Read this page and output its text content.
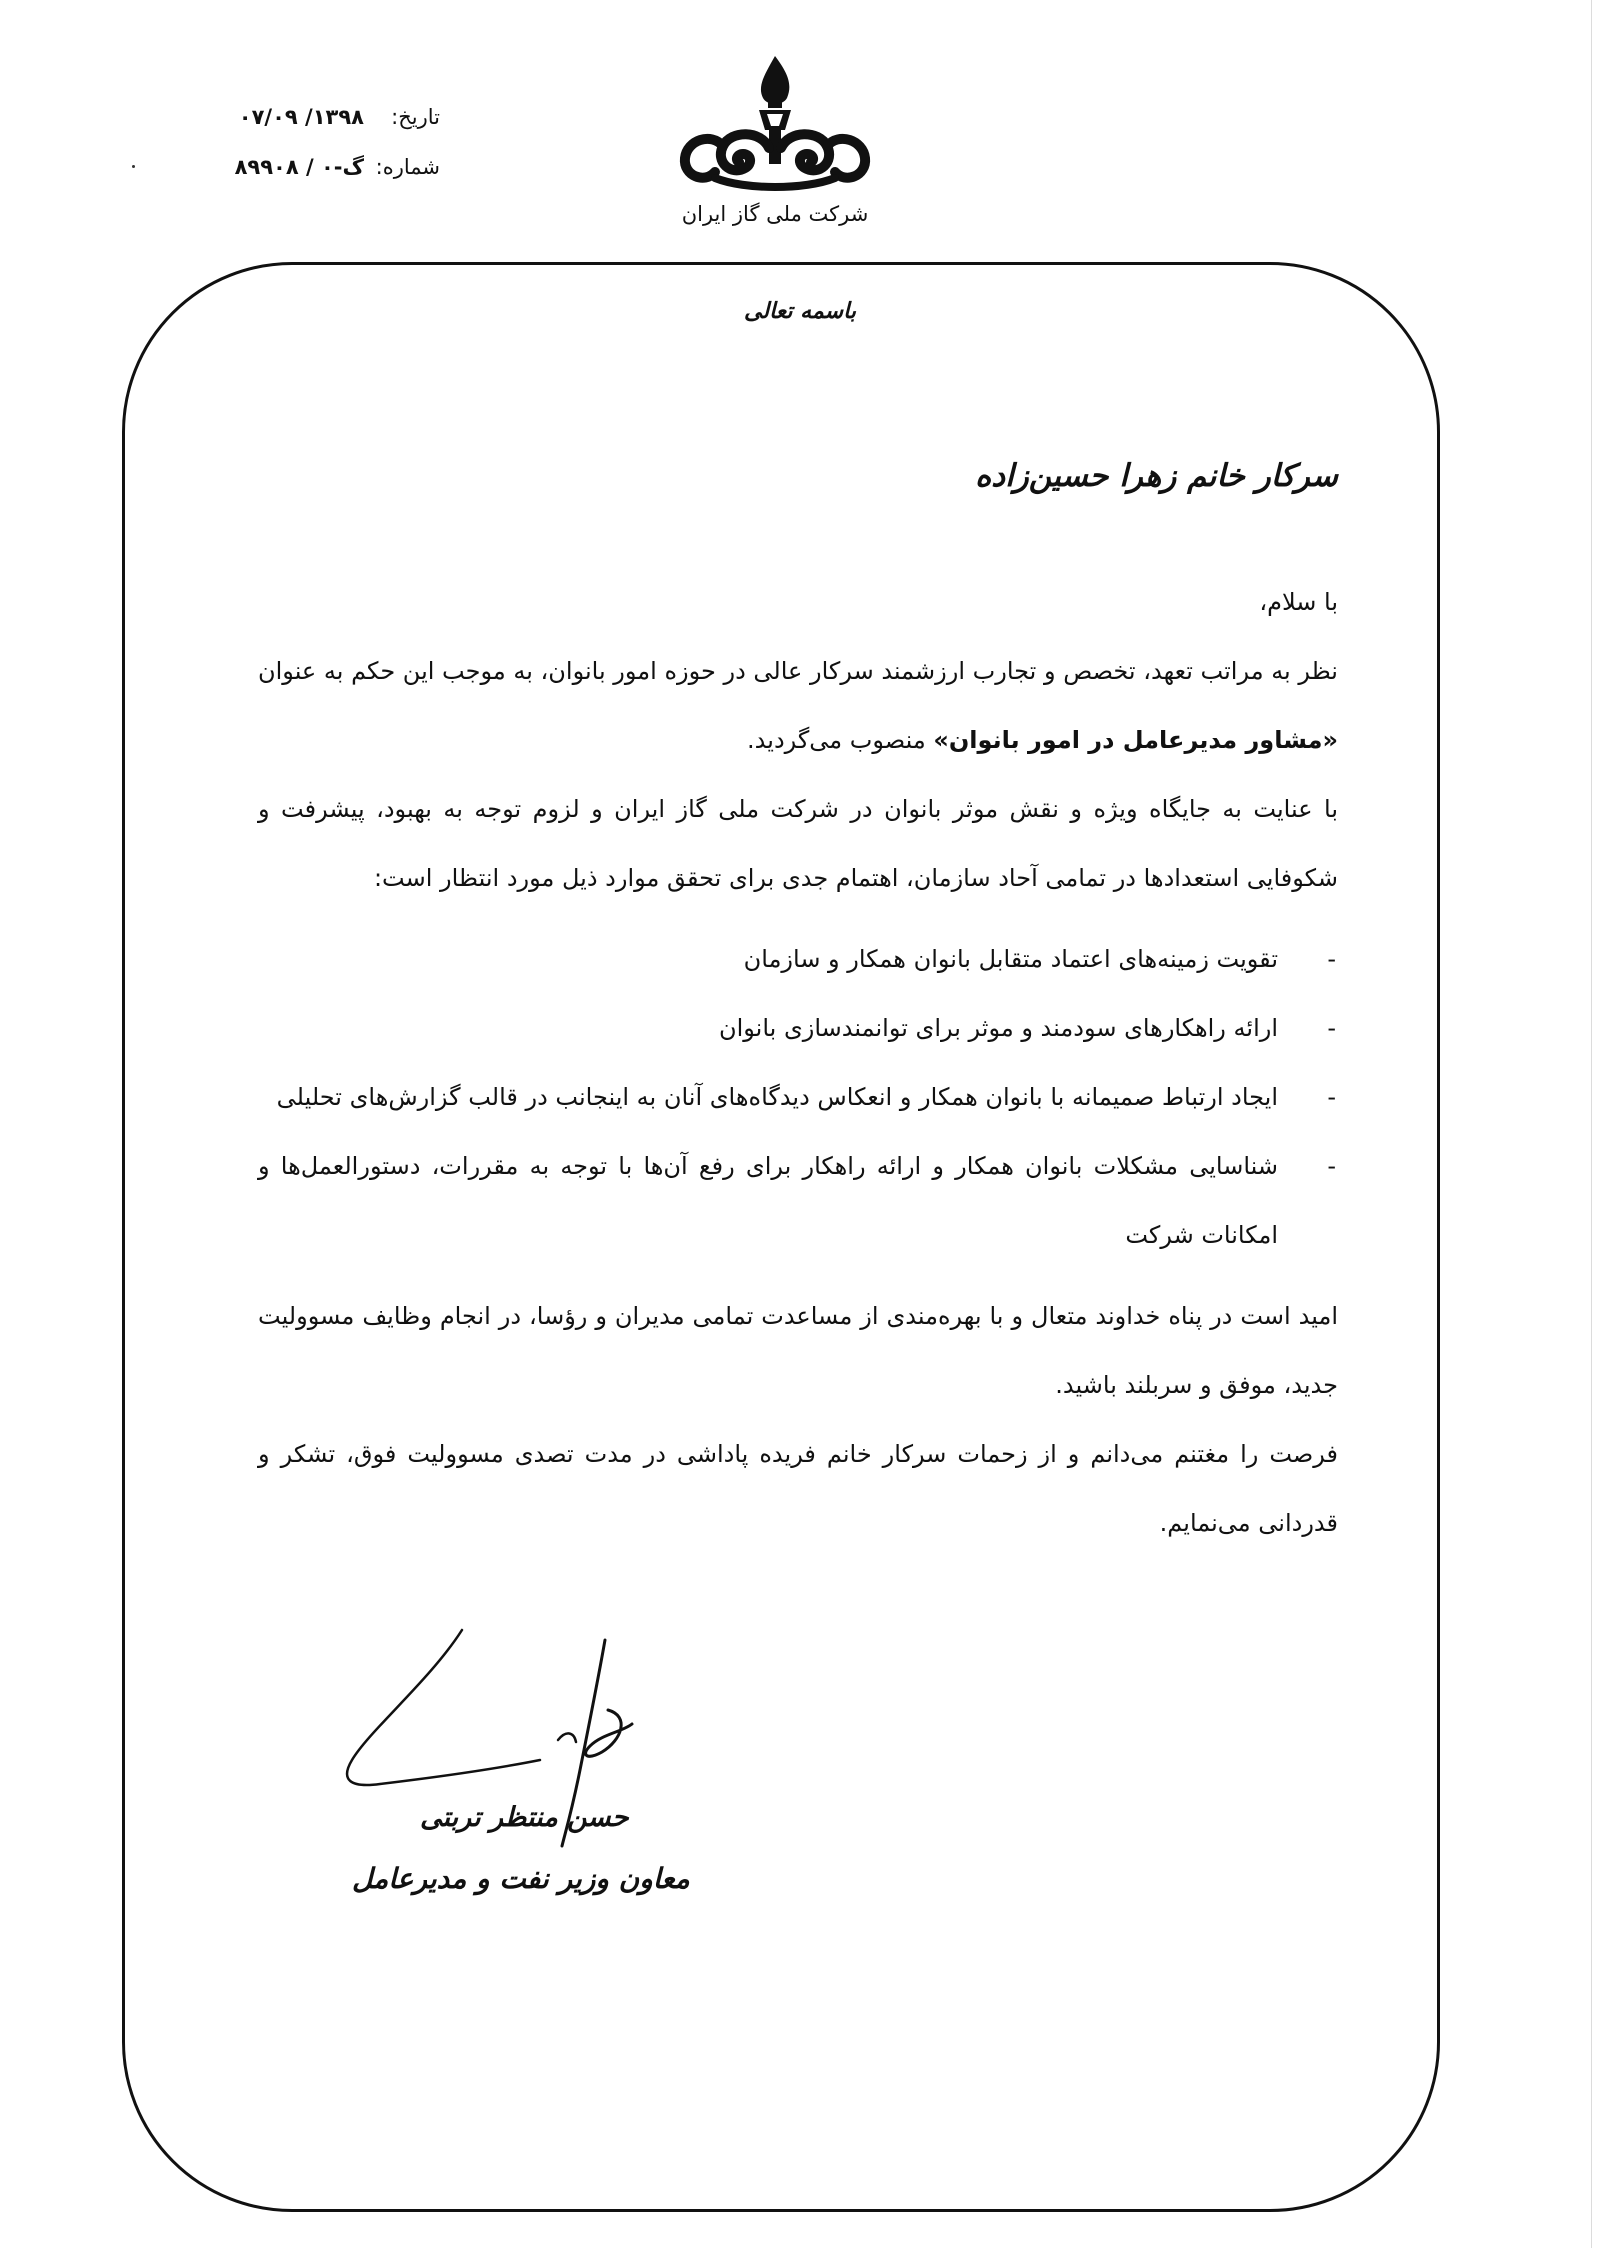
تاریخ:
۱۳۹۸/ ۰۷/۰۹
شماره:
گ-۰ / ۸۹۹۰۸
شرکت ملی گاز ایران
باسمه تعالی
سرکار خانم زهرا حسین‌زاده

با سلام،

نظر به مراتب تعهد، تخصص و تجارب ارزشمند سرکار عالی در حوزه امور بانوان، به موجب این حکم به عنوان «مشاور مدیرعامل در امور بانوان» منصوب می‌گردید.

با عنایت به جایگاه ویژه و نقش موثر بانوان در شرکت ملی گاز ایران و لزوم توجه به بهبود، پیشرفت و شکوفایی استعدادها در تمامی آحاد سازمان، اهتمام جدی برای تحقق موارد ذیل مورد انتظار است:

-
تقویت زمینه‌های اعتماد متقابل بانوان همکار و سازمان
-
ارائه راهکارهای سودمند و موثر برای توانمندسازی بانوان
-
ایجاد ارتباط صمیمانه با بانوان همکار و انعکاس دیدگاه‌های آنان به اینجانب در قالب گزارش‌های تحلیلی
-
شناسایی مشکلات بانوان همکار و ارائه راهکار برای رفع آن‌ها با توجه به مقررات، دستورالعمل‌ها و امکانات شرکت

امید است در پناه خداوند متعال و با بهره‌مندی از مساعدت تمامی مدیران و رؤسا، در انجام وظایف مسوولیت جدید، موفق و سربلند باشید.

فرصت را مغتنم می‌دانم و از زحمات سرکار خانم فریده پاداشی در مدت تصدی مسوولیت فوق، تشکر و قدردانی می‌نمایم.

حسن منتظر تربتی
معاون وزیر نفت و مدیرعامل
